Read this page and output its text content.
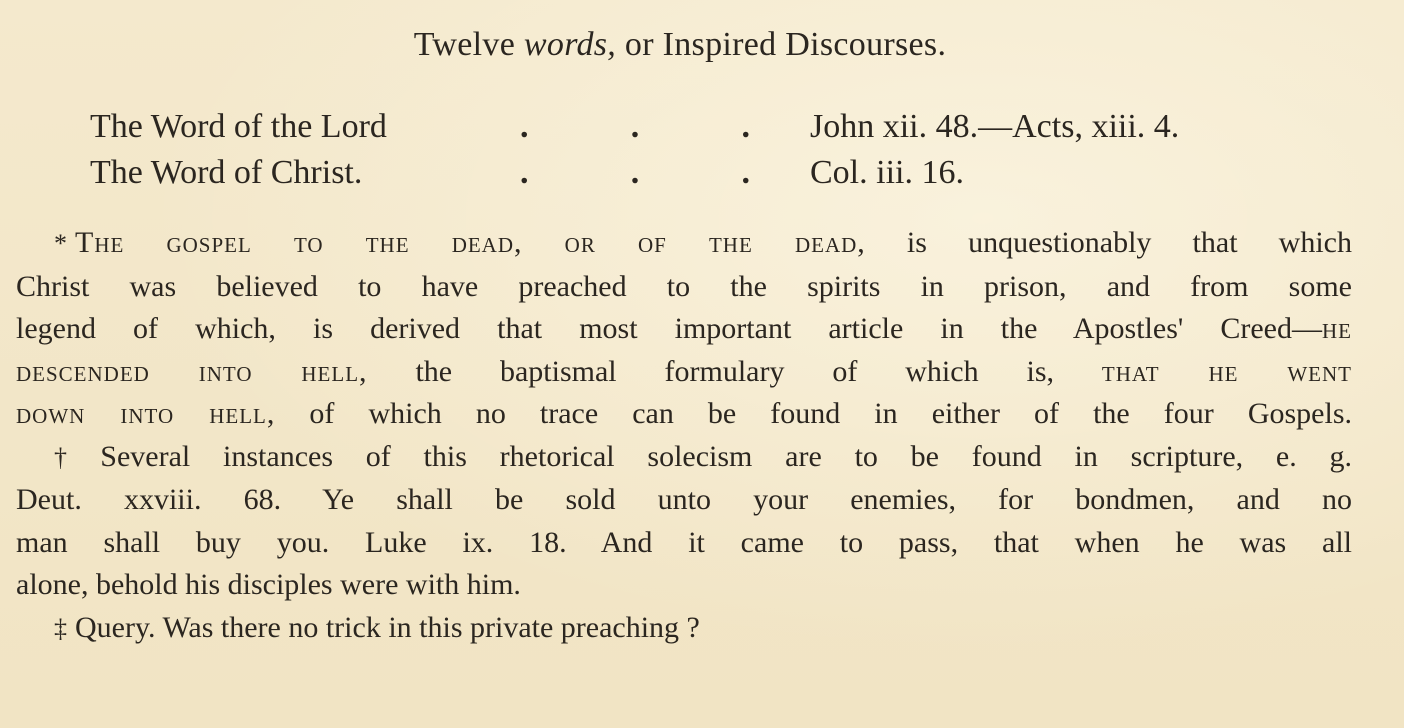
Twelve words, or Inspired Discourses.
The Word of the Lord	.	.	. John xii. 48.—Acts, xiii. 4.
The Word of Christ.	.	.	. Col. iii. 16.

* The gospel to the dead, or of the dead, is unquestionably that which
Christ was believed to have preached to the spirits in prison, and from some
legend of which, is derived that most important article in the Apostles' Creed—he
descended into hell, the baptismal formulary of which is, that he went
down into hell, of which no trace can be found in either of the four Gospels.

† Several instances of this rhetorical solecism are to be found in scripture, e. g.
Deut. xxviii. 68. Ye shall be sold unto your enemies, for bondmen, and no
man shall buy you. Luke ix. 18. And it came to pass, that when he was all
alone, behold his disciples were with him.

‡ Query. Was there no trick in this private preaching ?
